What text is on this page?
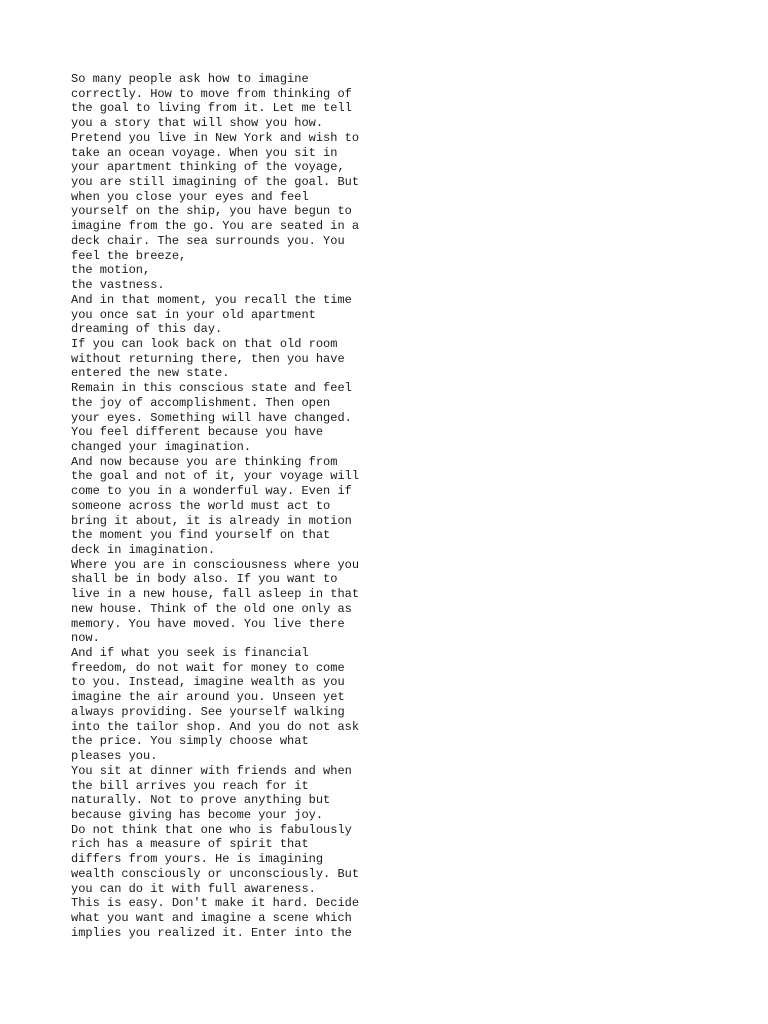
So many people ask how to imagine
correctly. How to move from thinking of
the goal to living from it. Let me tell
you a story that will show you how.
Pretend you live in New York and wish to
take an ocean voyage. When you sit in
your apartment thinking of the voyage,
you are still imagining of the goal. But
when you close your eyes and feel
yourself on the ship, you have begun to
imagine from the go. You are seated in a
deck chair. The sea surrounds you. You
feel the breeze,
the motion,
the vastness.
And in that moment, you recall the time
you once sat in your old apartment
dreaming of this day.
If you can look back on that old room
without returning there, then you have
entered the new state.
Remain in this conscious state and feel
the joy of accomplishment. Then open
your eyes. Something will have changed.
You feel different because you have
changed your imagination.
And now because you are thinking from
the goal and not of it, your voyage will
come to you in a wonderful way. Even if
someone across the world must act to
bring it about, it is already in motion
the moment you find yourself on that
deck in imagination.
Where you are in consciousness where you
shall be in body also. If you want to
live in a new house, fall asleep in that
new house. Think of the old one only as
memory. You have moved. You live there
now.
And if what you seek is financial
freedom, do not wait for money to come
to you. Instead, imagine wealth as you
imagine the air around you. Unseen yet
always providing. See yourself walking
into the tailor shop. And you do not ask
the price. You simply choose what
pleases you.
You sit at dinner with friends and when
the bill arrives you reach for it
naturally. Not to prove anything but
because giving has become your joy.
Do not think that one who is fabulously
rich has a measure of spirit that
differs from yours. He is imagining
wealth consciously or unconsciously. But
you can do it with full awareness.
This is easy. Don't make it hard. Decide
what you want and imagine a scene which
implies you realized it. Enter into the
